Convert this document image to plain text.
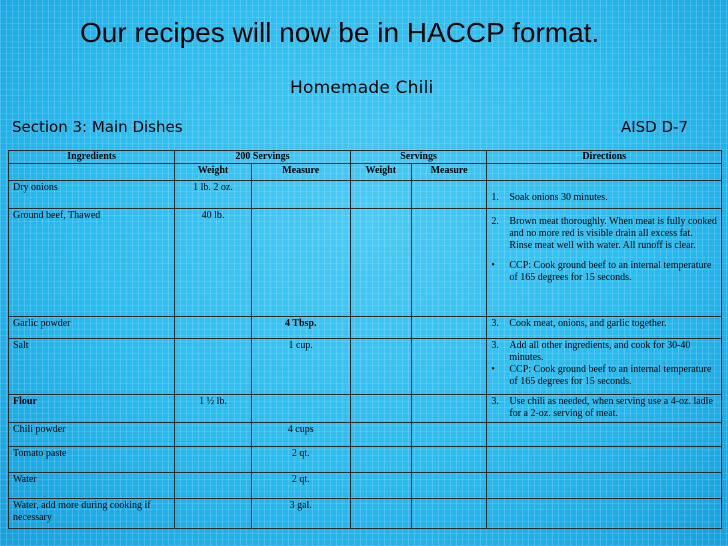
Our recipes will now be in HACCP format.
Homemade Chili
Section 3: Main Dishes	AISD D-7
Ingredients	200 Servings		Servings		Directions
	Weight	Measure	Weight	Measure	
Dry onions	1 lb. 2 oz.				1. Soak onions 30 minutes.

Ground beef, Thawed	40 lb.				2. Brown meat thoroughly. When meat is fully cooked and no more red is visible drain all excess fat. Rinse meat well with water. All runoff is clear.
• CCP: Cook ground beef to an internal temperature of 165 degrees for 15 seconds.

Garlic powder		4 Tbsp.			3. Cook meat, onions, and garlic together.

Salt		1 cup.			3. Add all other ingredients, and cook for 30-40 minutes.
• CCP: Cook ground beef to an internal temperature of 165 degrees for 15 seconds.

Flour	1 ½ lb.				3. Use chili as needed, when serving use a 4-oz. ladle for a 2-oz. serving of meat.

Chili powder		4 cups			
Tomato paste		2 qt.			
Water		2 qt.			
Water, add more during cooking if necessary		3 gal.			
